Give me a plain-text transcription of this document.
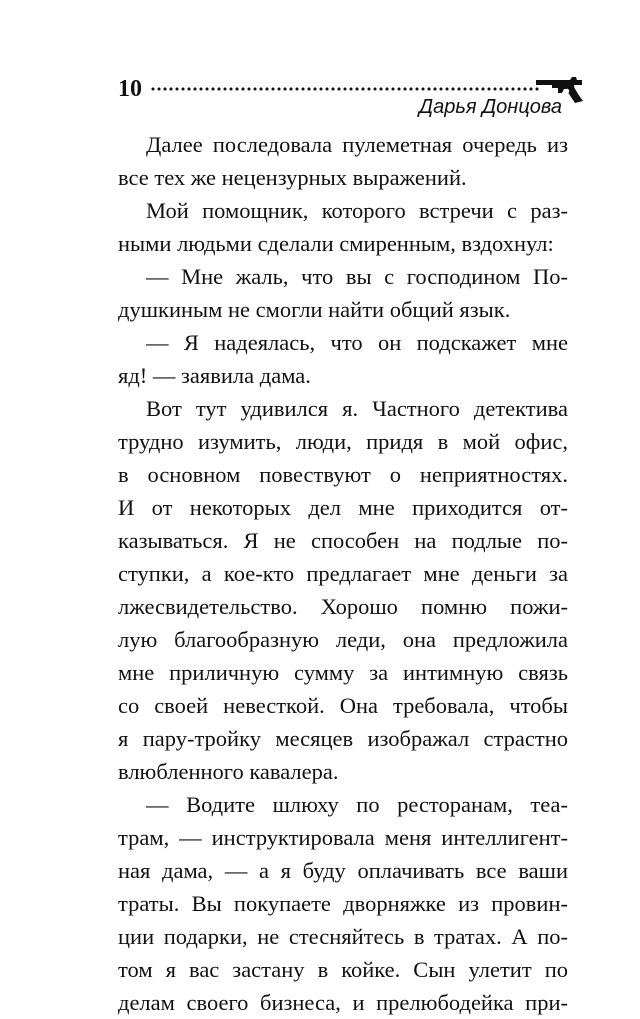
10
Дарья Донцова
Далее последовала пулеметная очередь из
все тех же нецензурных выражений.
Мой помощник, которого встречи с раз-
ными людьми сделали смиренным, вздохнул:
— Мне жаль, что вы с господином По-
душкиным не смогли найти общий язык.
— Я надеялась, что он подскажет мне
яд! — заявила дама.
Вот тут удивился я. Частного детектива
трудно изумить, люди, придя в мой офис,
в основном повествуют о неприятностях.
И от некоторых дел мне приходится от-
казываться. Я не способен на подлые по-
ступки, а кое-кто предлагает мне деньги за
лжесвидетельство. Хорошо помню пожи-
лую благообразную леди, она предложила
мне приличную сумму за интимную связь
со своей невесткой. Она требовала, чтобы
я пару-тройку месяцев изображал страстно
влюбленного кавалера.
— Водите шлюху по ресторанам, теа-
трам, — инструктировала меня интеллигент-
ная дама, — а я буду оплачивать все ваши
траты. Вы покупаете дворняжке из провин-
ции подарки, не стесняйтесь в тратах. А по-
том я вас застану в койке. Сын улетит по
делам своего бизнеса, и прелюбодейка при-
